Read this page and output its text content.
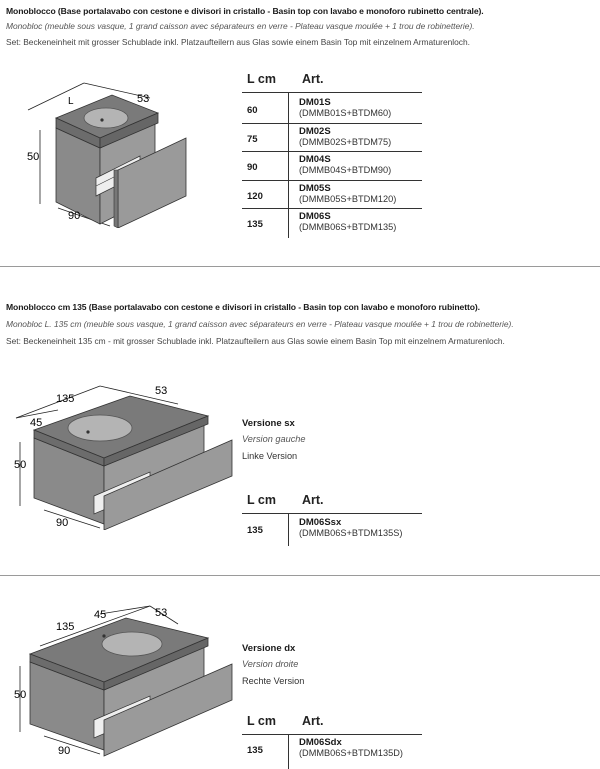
Monoblocco (Base portalavabo con cestone e divisori in cristallo - Basin top con lavabo e monoforo rubinetto centrale).
Monobloc (meuble sous vasque, 1 grand caisson avec séparateurs en verre - Plateau vasque moulée + 1 trou de robinetterie).
Set: Beckeneinheit mit grosser Schublade inkl. Platzaufteilern aus Glas sowie einem Basin Top mit einzelnem Armaturenloch.
L	53
50
90
L cm Art.
60
DM01S
(DMMB01S+BTDM60)
75
DM02S
(DMMB02S+BTDM75)
90
DM04S
(DMMB04S+BTDM90)
120
DM05S
(DMMB05S+BTDM120)
135
DM06S
(DMMB06S+BTDM135)
Monoblocco cm 135 (Base portalavabo con cestone e divisori in cristallo - Basin top con lavabo e monoforo rubinetto).
Monobloc L. 135 cm (meuble sous vasque, 1 grand caisson avec séparateurs en verre - Plateau vasque moulée + 1 trou de robinetterie).
Set: Beckeneinheit 135 cm - mit grosser Schublade inkl. Platzaufteilern aus Glas sowie einem Basin Top mit einzelnem Armaturenloch.
135
45
53
50
90
Versione sx
Version gauche
Linke Version
L cm Art.
135
DM06Ssx
(DMMB06S+BTDM135S)
135
45	53
50
90
Versione dx
Version droite
Rechte Version
L cm Art.
135
DM06Sdx
(DMMB06S+BTDM135D)
